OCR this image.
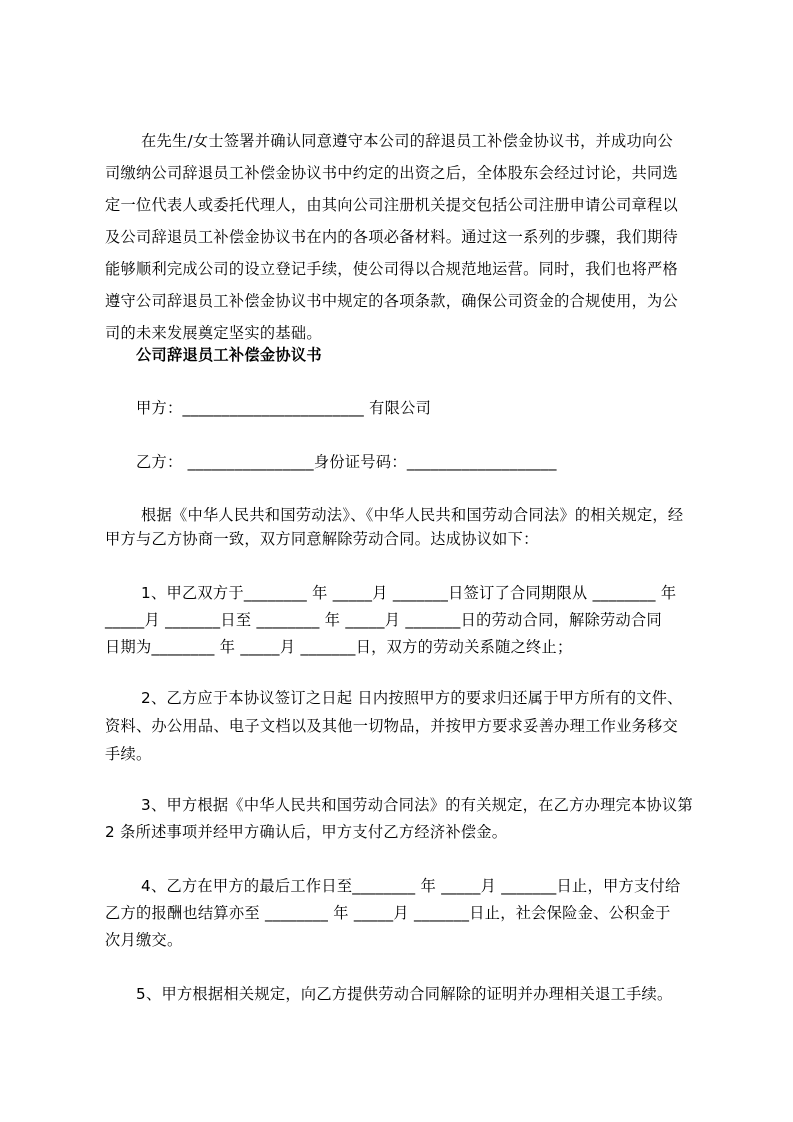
在先生/女士签署并确认同意遵守本公司的辞退员工补偿金协议书，并成功向公
司缴纳公司辞退员工补偿金协议书中约定的出资之后，全体股东会经过讨论，共同选
定一位代表人或委托代理人，由其向公司注册机关提交包括公司注册申请公司章程以
及公司辞退员工补偿金协议书在内的各项必备材料。通过这一系列的步骤，我们期待
能够顺利完成公司的设立登记手续，使公司得以合规范地运营。同时，我们也将严格
遵守公司辞退员工补偿金协议书中规定的各项条款，确保公司资金的合规使用，为公
司的未来发展奠定坚实的基础。
公司辞退员工补偿金协议书
甲方：_______________________ 有限公司
乙方： ________________身份证号码：___________________
根据《中华人民共和国劳动法》、《中华人民共和国劳动合同法》的相关规定，经
甲方与乙方协商一致，双方同意解除劳动合同。达成协议如下：
1、甲乙双方于________ 年 _____月 _______日签订了合同期限从 ________ 年
_____月 _______日至 ________ 年 _____月 _______日的劳动合同，解除劳动合同
日期为________ 年 _____月 _______日，双方的劳动关系随之终止；
2、乙方应于本协议签订之日起 日内按照甲方的要求归还属于甲方所有的文件、
资料、办公用品、电子文档以及其他一切物品，并按甲方要求妥善办理工作业务移交
手续。
3、甲方根据《中华人民共和国劳动合同法》的有关规定，在乙方办理完本协议第
2 条所述事项并经甲方确认后，甲方支付乙方经济补偿金。
4、乙方在甲方的最后工作日至________ 年 _____月 _______日止，甲方支付给
乙方的报酬也结算亦至 ________ 年 _____月 _______日止，社会保险金、公积金于
次月缴交。
5、甲方根据相关规定，向乙方提供劳动合同解除的证明并办理相关退工手续。
